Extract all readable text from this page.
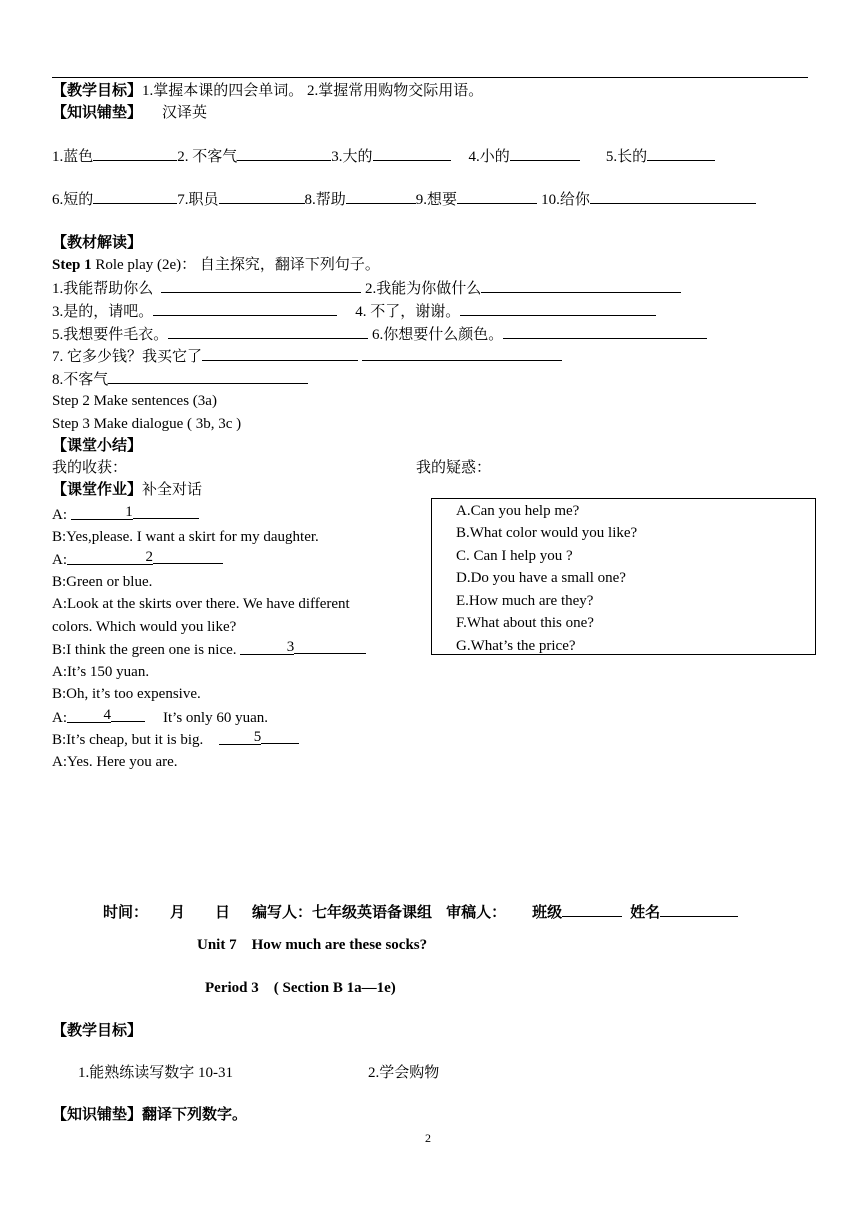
【教学目标】1.掌握本课的四会单词。 2.掌握常用购物交际用语。
【知识铺垫】 汉译英
1.蓝色	2. 不客气	3.大的	4.小的	5.长的
6.短的	7.职员	8.帮助	9.想要	10.给你
【教材解读】
Step 1 Role play (2e)： 自主探究，翻译下列句子。
1.我能帮助你么	2.我能为你做什么
3.是的，请吧。	4. 不了，谢谢。
5.我想要件毛衣。	6.你想要什么颜色。
7. 它多少钱？我买它了
8.不客气
Step 2 Make sentences (3a)
Step 3 Make dialogue ( 3b, 3c )
【课堂小结】
我的收获：	我的疑惑：
【课堂作业】补全对话
A:	1
B:Yes,please. I want a skirt for my daughter.
A:	2
B:Green or blue.
A:Look at the skirts over there. We have different
colors. Which would you like?
B:I think the green one is nice.	3
A:It’s 150 yuan.
B:Oh, it’s too expensive.
A: 4	It’s only 60 yuan.
B:It’s cheap, but it is big.	5
A:Yes. Here you are.
A.Can you help me?
B.What color would you like?
C. Can I help you ?
D.Do you have a small one?
E.How much are they?
F.What about this one?
G.What’s the price?
时间： 月 日 编写人：七年级英语备课组 审稿人： 班级	姓名
Unit 7    How much are these socks?
Period 3    ( Section B 1a—1e)
【教学目标】
1.能熟练读写数字 10-31	2.学会购物
【知识铺垫】翻译下列数字。
2
